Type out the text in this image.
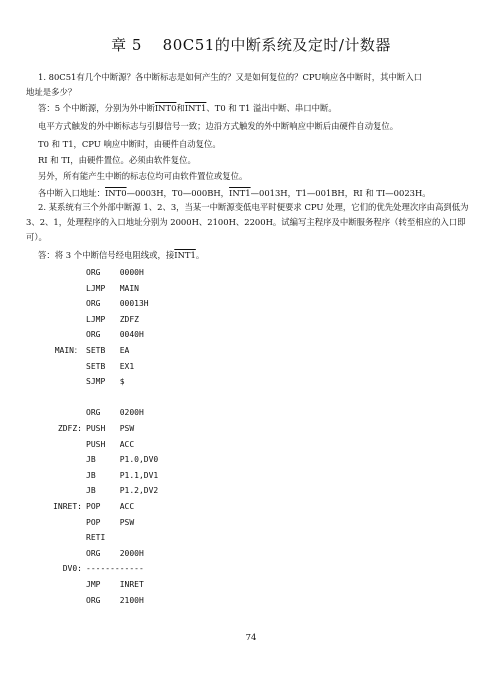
章 5　 80C51的中断系统及定时/计数器
1. 80C51有几个中断源？各中断标志是如何产生的？又是如何复位的？CPU响应各中断时，其中断入口
地址是多少？
答：5 个中断源，分别为外中断INT0和INT1、T0 和 T1 溢出中断、串口中断。
电平方式触发的外中断标志与引脚信号一致；边沿方式触发的外中断响应中断后由硬件自动复位。
T0 和 T1，CPU 响应中断时，由硬件自动复位。
RI 和 TI，由硬件置位。必须由软件复位。
另外，所有能产生中断的标志位均可由软件置位或复位。
各中断入口地址：INT0—0003H，T0—000BH，INT1—0013H，T1—001BH，RI 和 TI—0023H。
2. 某系统有三个外部中断源 1、2、3，当某一中断源变低电平时便要求 CPU 处理，它们的优先处理次序由高到低为 3、2、1，处理程序的入口地址分别为 2000H、2100H、2200H。试编写主程序及中断服务程序（转至相应的入口即可）。
答：将 3 个中断信号经电阻线或，接INT1。
ORG    0000H
LJMP   MAIN
ORG    00013H
LJMP   ZDFZ
ORG    0040H
MAIN： SETB   EA
SETB   EX1
SJMP   $
ORG    0200H
ZDFZ: PUSH   PSW
PUSH   ACC
JB     P1.0,DV0
JB     P1.1,DV1
JB     P1.2,DV2
INRET: POP    ACC
POP    PSW
RETI
ORG    2000H
DV0: ------------
JMP    INRET
ORG    2100H
74
